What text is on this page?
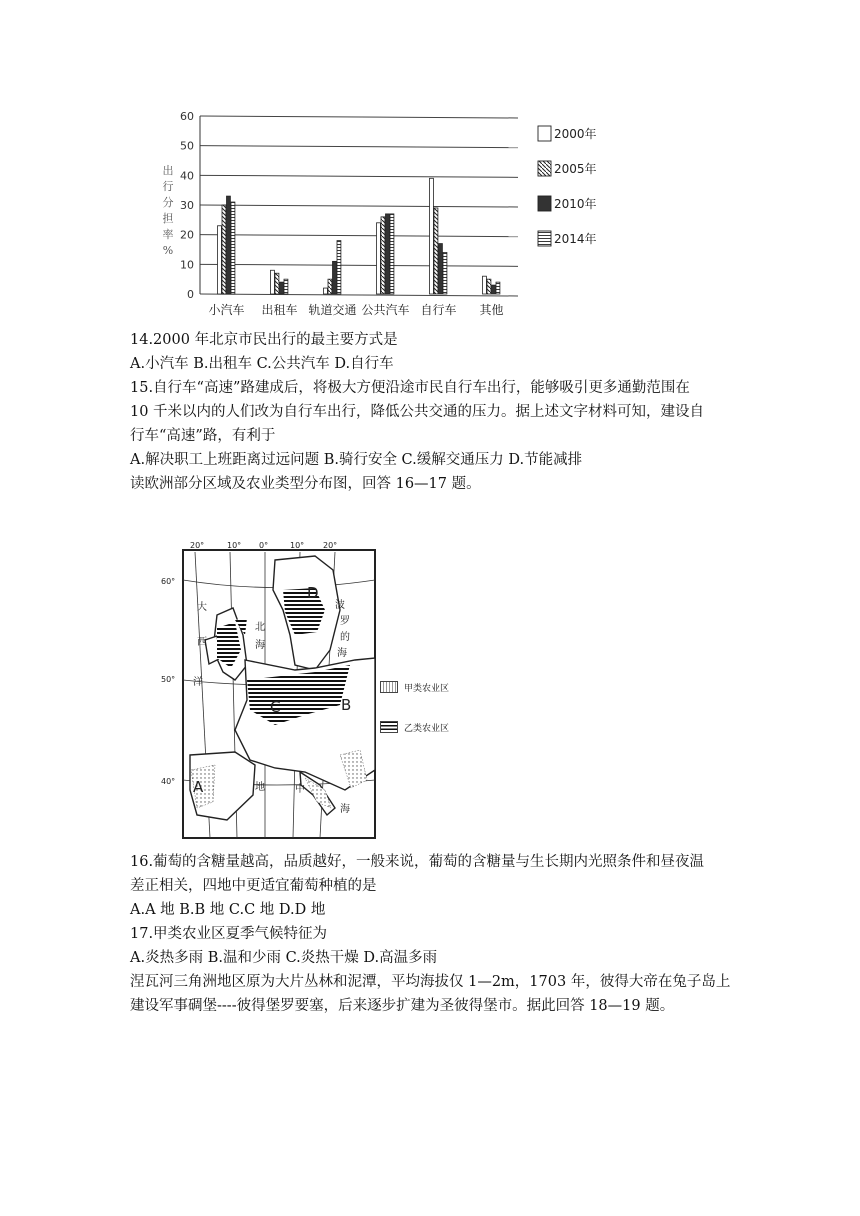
0
10
20
30
40
50
60
小汽车 出租车 轨道交通 公共汽车 自行车 其他
出
行
分
担
率
%
2000年
2005年
2010年
2014年
14.2000 年北京市民出行的最主要方式是
A.小汽车 B.出租车 C.公共汽车 D.自行车
15.自行车“高速”路建成后，将极大方便沿途市民自行车出行，能够吸引更多通勤范围在
10 千米以内的人们改为自行车出行，降低公共交通的压力。据上述文字材料可知，建设自
行车“高速”路，有利于
A.解决职工上班距离过远问题 B.骑行安全 C.缓解交通压力 D.节能减排
读欧洲部分区域及农业类型分布图，回答 16—17 题。
20°	10° 0°	10° 20°
60°
50°
40° A
B
C
D
大
西
洋
北
海
波
罗
的
海
地	中
海
甲类农业区
乙类农业区
16.葡萄的含糖量越高，品质越好，一般来说，葡萄的含糖量与生长期内光照条件和昼夜温
差正相关，四地中更适宜葡萄种植的是
A.A 地 B.B 地 C.C 地 D.D 地
17.甲类农业区夏季气候特征为
A.炎热多雨 B.温和少雨 C.炎热干燥 D.高温多雨
涅瓦河三角洲地区原为大片丛林和泥潭，平均海拔仅 1—2m，1703 年，彼得大帝在兔子岛上
建设军事碉堡----彼得堡罗要塞，后来逐步扩建为圣彼得堡市。据此回答 18—19 题。
